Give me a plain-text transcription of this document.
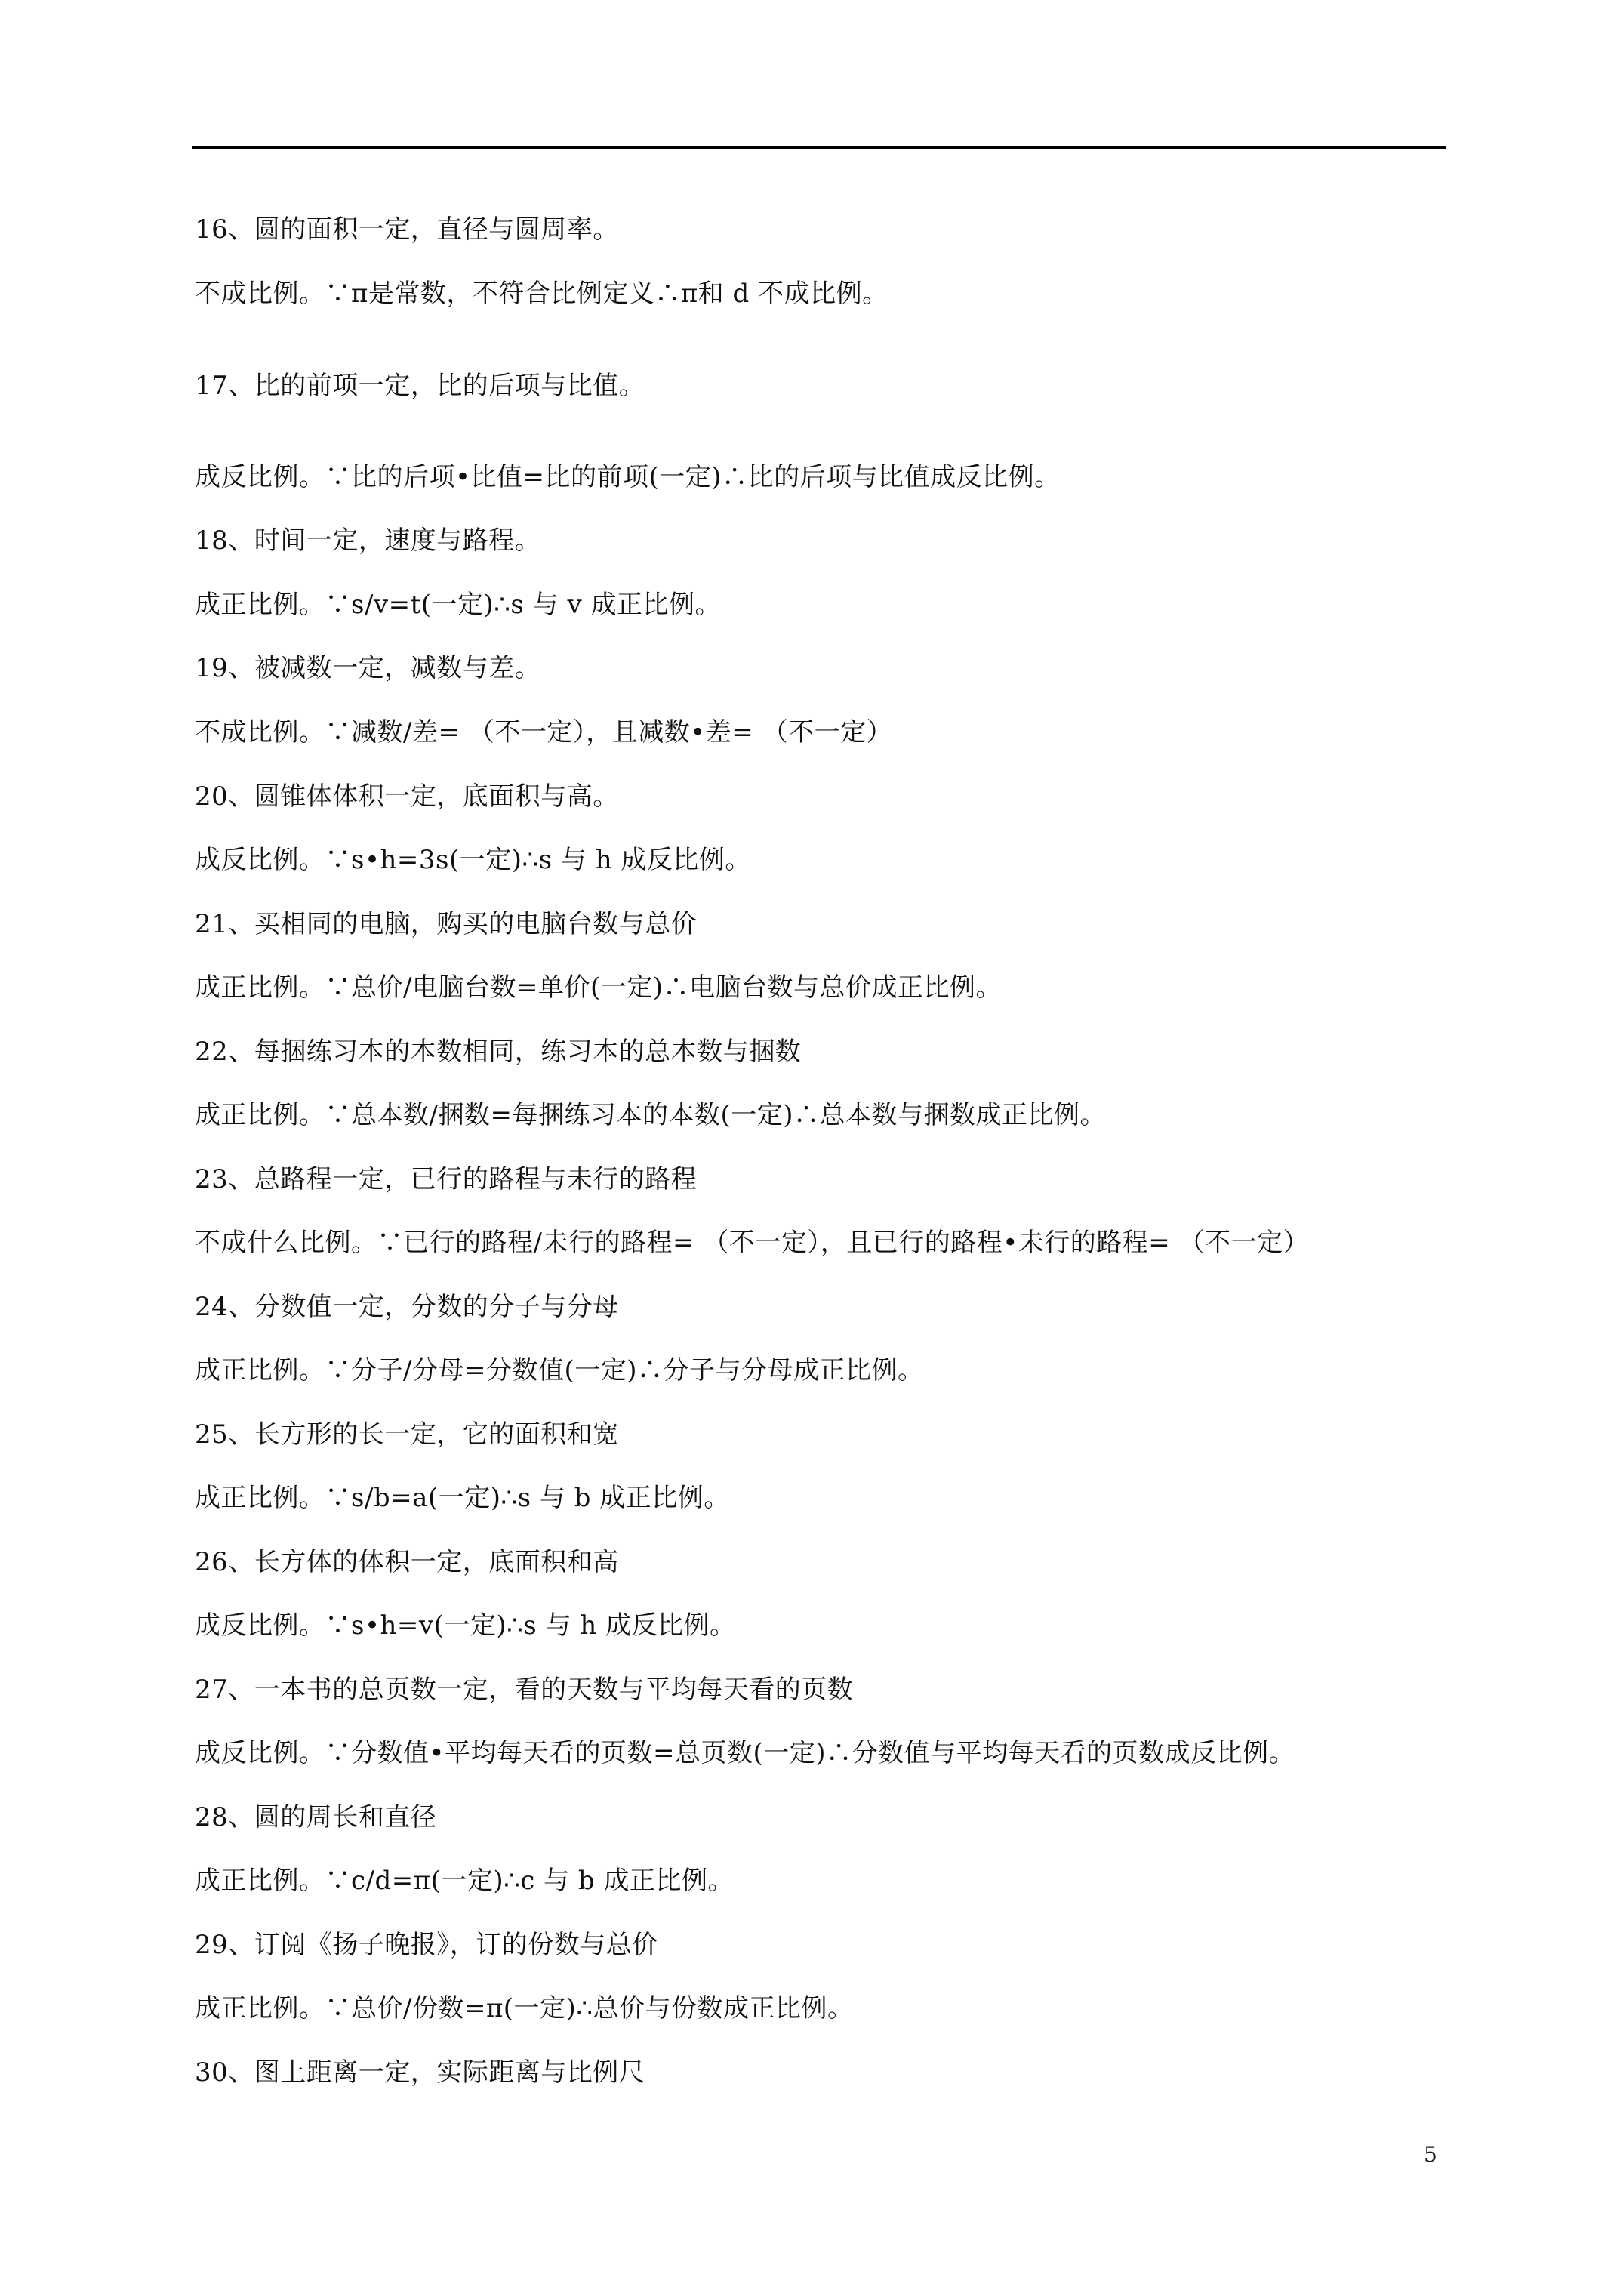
16、圆的面积一定，直径与圆周率。
不成比例。∵π是常数，不符合比例定义∴π和 d 不成比例。
17、比的前项一定，比的后项与比值。
成反比例。∵比的后项•比值=比的前项(一定)∴比的后项与比值成反比例。
18、时间一定，速度与路程。
成正比例。∵s/v=t(一定)∴s 与 v 成正比例。
19、被减数一定，减数与差。
不成比例。∵减数/差= （不一定），且减数•差= （不一定）
20、圆锥体体积一定，底面积与高。
成反比例。∵s•h=3s(一定)∴s 与 h 成反比例。
21、买相同的电脑，购买的电脑台数与总价
成正比例。∵总价/电脑台数=单价(一定)∴电脑台数与总价成正比例。
22、每捆练习本的本数相同，练习本的总本数与捆数
成正比例。∵总本数/捆数=每捆练习本的本数(一定)∴总本数与捆数成正比例。
23、总路程一定，已行的路程与未行的路程
不成什么比例。∵已行的路程/未行的路程= （不一定），且已行的路程•未行的路程= （不一定）
24、分数值一定，分数的分子与分母
成正比例。∵分子/分母=分数值(一定)∴分子与分母成正比例。
25、长方形的长一定，它的面积和宽
成正比例。∵s/b=a(一定)∴s 与 b 成正比例。
26、长方体的体积一定，底面积和高
成反比例。∵s•h=v(一定)∴s 与 h 成反比例。
27、一本书的总页数一定，看的天数与平均每天看的页数
成反比例。∵分数值•平均每天看的页数=总页数(一定)∴分数值与平均每天看的页数成反比例。
28、圆的周长和直径
成正比例。∵c/d=π(一定)∴c 与 b 成正比例。
29、订阅《扬子晚报》，订的份数与总价
成正比例。∵总价/份数=π(一定)∴总价与份数成正比例。
30、图上距离一定，实际距离与比例尺
5
